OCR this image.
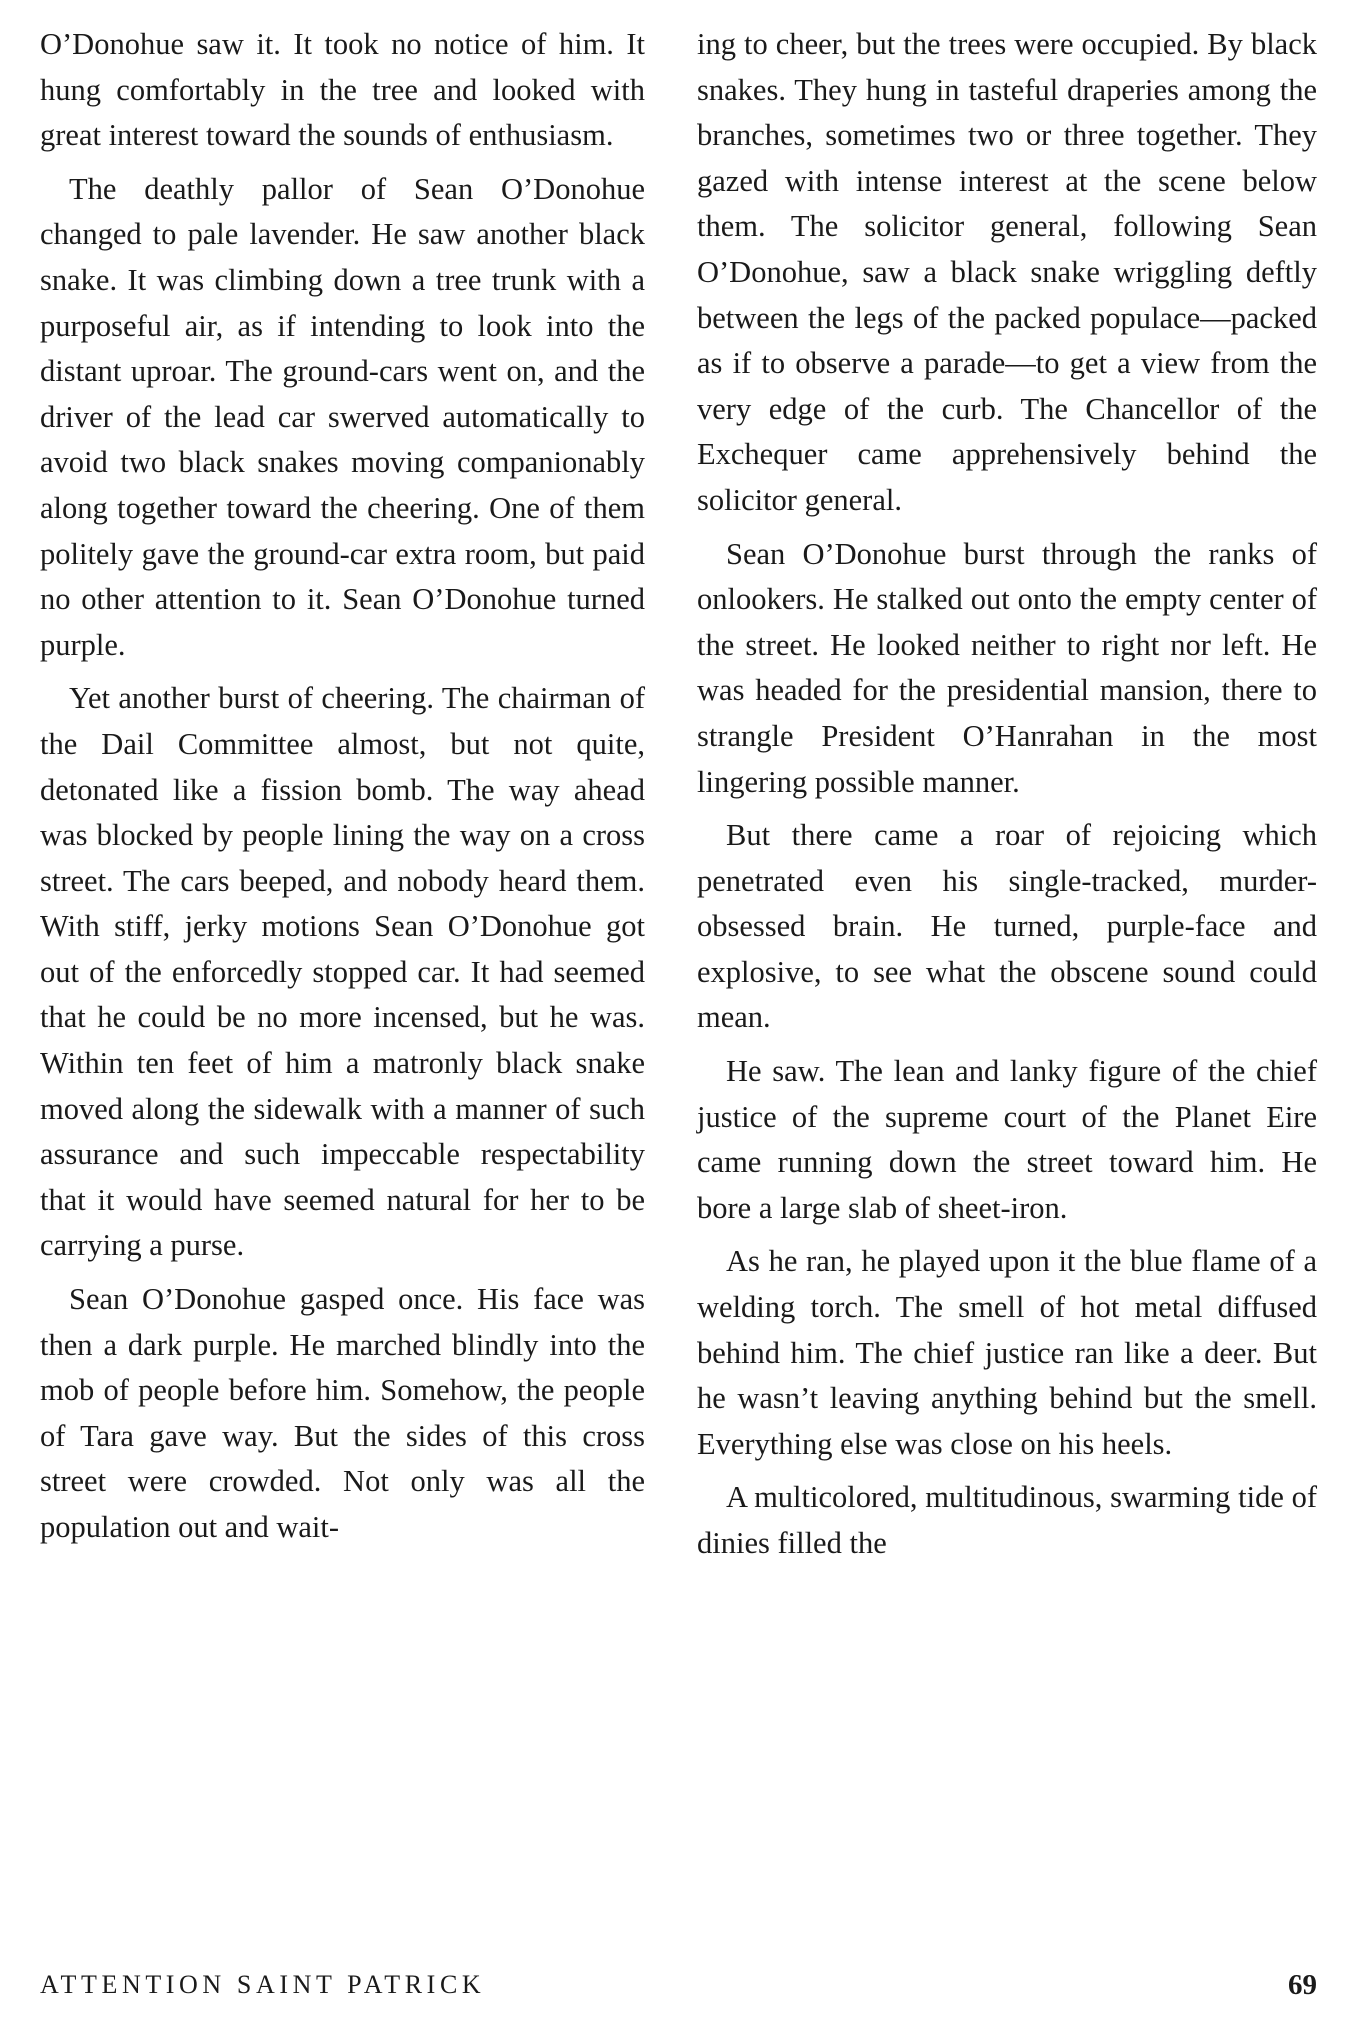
O’Donohue saw it. It took no notice of him. It hung comfortably in the tree and looked with great interest toward the sounds of enthusiasm.

The deathly pallor of Sean O’Donohue changed to pale lavender. He saw another black snake. It was climbing down a tree trunk with a purposeful air, as if intending to look into the distant uproar. The ground-cars went on, and the driver of the lead car swerved automatically to avoid two black snakes moving companionably along together toward the cheering. One of them politely gave the ground-car extra room, but paid no other attention to it. Sean O’Donohue turned purple.

Yet another burst of cheering. The chairman of the Dail Committee almost, but not quite, detonated like a fission bomb. The way ahead was blocked by people lining the way on a cross street. The cars beeped, and nobody heard them. With stiff, jerky motions Sean O’Donohue got out of the enforcedly stopped car. It had seemed that he could be no more incensed, but he was. Within ten feet of him a matronly black snake moved along the sidewalk with a manner of such assurance and such impeccable respectability that it would have seemed natural for her to be carrying a purse.

Sean O’Donohue gasped once. His face was then a dark purple. He marched blindly into the mob of people before him. Somehow, the people of Tara gave way. But the sides of this cross street were crowded. Not only was all the population out and wait-

ing to cheer, but the trees were occupied. By black snakes. They hung in tasteful draperies among the branches, sometimes two or three together. They gazed with intense interest at the scene below them. The solicitor general, following Sean O’Donohue, saw a black snake wriggling deftly between the legs of the packed populace—packed as if to observe a parade—to get a view from the very edge of the curb. The Chancellor of the Exchequer came apprehensively behind the solicitor general.

Sean O’Donohue burst through the ranks of onlookers. He stalked out onto the empty center of the street. He looked neither to right nor left. He was headed for the presidential mansion, there to strangle President O’Hanrahan in the most lingering possible manner.

But there came a roar of rejoicing which penetrated even his single-tracked, murder-obsessed brain. He turned, purple-face and explosive, to see what the obscene sound could mean.

He saw. The lean and lanky figure of the chief justice of the supreme court of the Planet Eire came running down the street toward him. He bore a large slab of sheet-iron.

As he ran, he played upon it the blue flame of a welding torch. The smell of hot metal diffused behind him. The chief justice ran like a deer. But he wasn’t leaving anything behind but the smell. Everything else was close on his heels.

A multicolored, multitudinous, swarming tide of dinies filled the

ATTENTION SAINT PATRICK	69
